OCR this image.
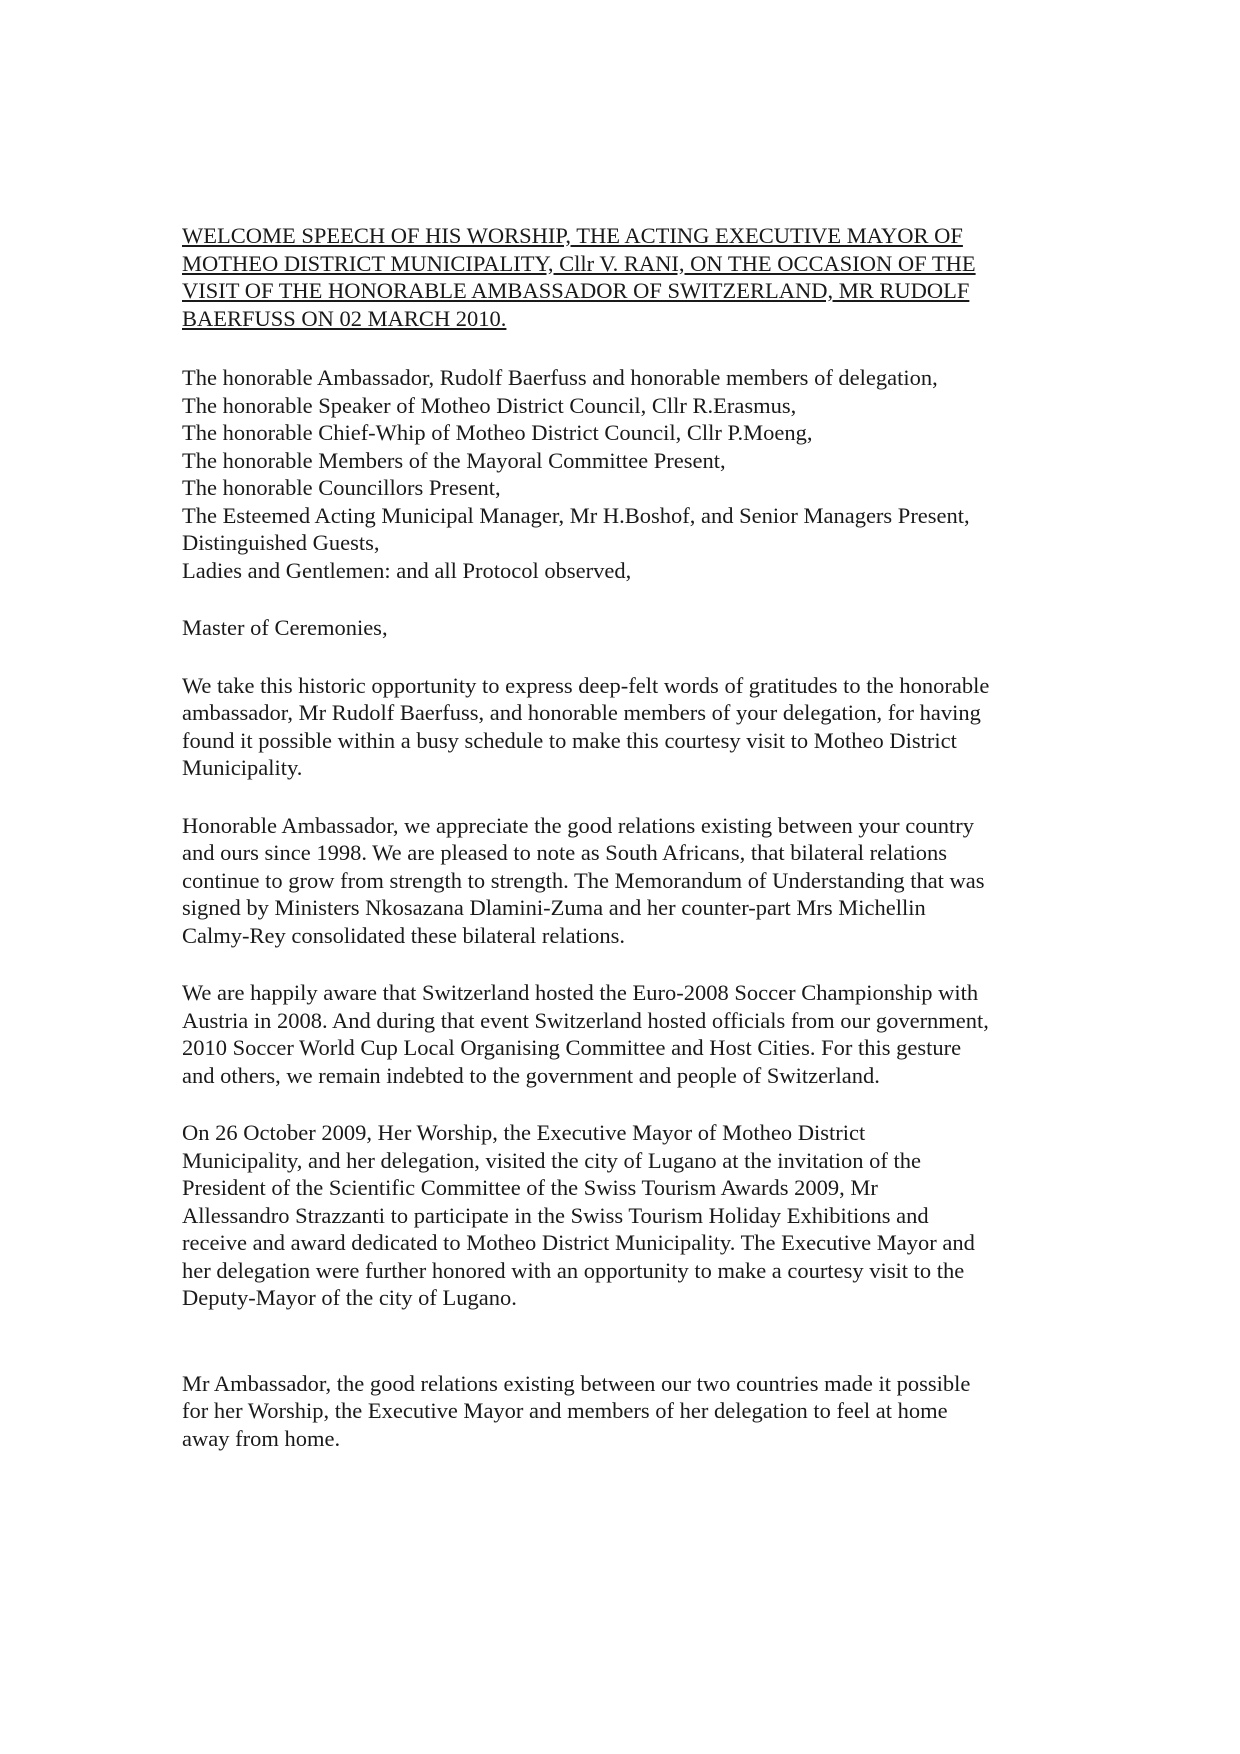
WELCOME SPEECH OF HIS WORSHIP, THE ACTING EXECUTIVE MAYOR OF
MOTHEO DISTRICT MUNICIPALITY, Cllr V. RANI, ON THE OCCASION OF THE
VISIT OF THE HONORABLE AMBASSADOR OF SWITZERLAND, MR RUDOLF
BAERFUSS ON 02 MARCH 2010.
The honorable Ambassador, Rudolf Baerfuss and honorable members of delegation,
The honorable Speaker of Motheo District Council, Cllr R.Erasmus,
The honorable Chief-Whip of Motheo District Council, Cllr P.Moeng,
The honorable Members of the Mayoral Committee Present,
The honorable Councillors Present,
The Esteemed Acting Municipal Manager, Mr H.Boshof, and Senior Managers Present,
Distinguished Guests,
Ladies and Gentlemen: and all Protocol observed,
Master of Ceremonies,
We take this historic opportunity to express deep-felt words of gratitudes to the honorable
ambassador, Mr Rudolf Baerfuss, and honorable members of your delegation, for having
found it possible within a busy schedule to make this courtesy visit to Motheo District
Municipality.
Honorable Ambassador, we appreciate the good relations existing between your country
and ours since 1998. We are pleased to note as South Africans, that bilateral relations
continue to grow from strength to strength. The Memorandum of Understanding that was
signed by Ministers Nkosazana Dlamini-Zuma and her counter-part Mrs Michellin
Calmy-Rey consolidated these bilateral relations.
We are happily aware that Switzerland hosted the Euro-2008 Soccer Championship with
Austria in 2008. And during that event Switzerland hosted officials from our government,
2010 Soccer World Cup Local Organising Committee and Host Cities. For this gesture
and others, we remain indebted to the government and people of Switzerland.
On 26 October 2009, Her Worship, the Executive Mayor of Motheo District
Municipality, and her delegation, visited the city of Lugano at the invitation of the
President of the Scientific Committee of the Swiss Tourism Awards 2009, Mr
Allessandro Strazzanti to participate in the Swiss Tourism Holiday Exhibitions and
receive and award dedicated to Motheo District Municipality. The Executive Mayor and
her delegation were further honored with an opportunity to make a courtesy visit to the
Deputy-Mayor of the city of Lugano.
Mr Ambassador, the good relations existing between our two countries made it possible
for her Worship, the Executive Mayor and members of her delegation to feel at home
away from home.
